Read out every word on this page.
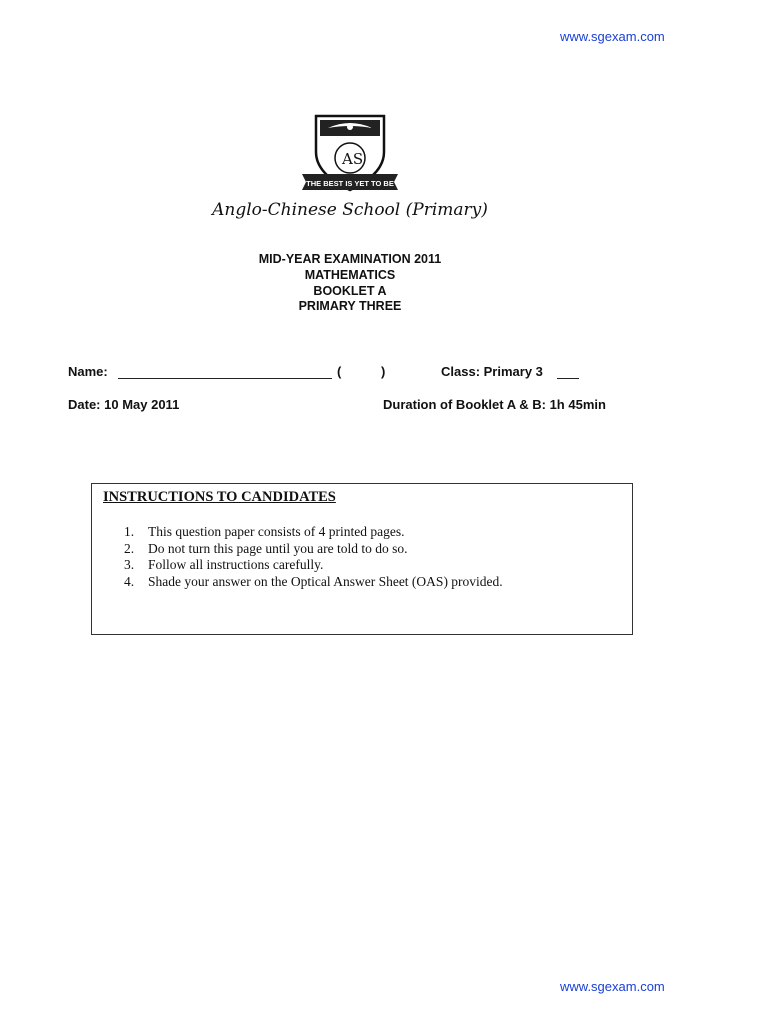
www.sgexam.com
AS
THE BEST IS YET TO BE
Anglo-Chinese School (Primary)
MID-YEAR EXAMINATION 2011
MATHEMATICS
BOOKLET A
PRIMARY THREE
Name:	(	)	Class: Primary 3
Date: 10 May 2011	Duration of Booklet A & B: 1h 45min
INSTRUCTIONS TO CANDIDATES
1. This question paper consists of 4 printed pages.
2. Do not turn this page until you are told to do so.
3. Follow all instructions carefully.
4. Shade your answer on the Optical Answer Sheet (OAS) provided.
www.sgexam.com
